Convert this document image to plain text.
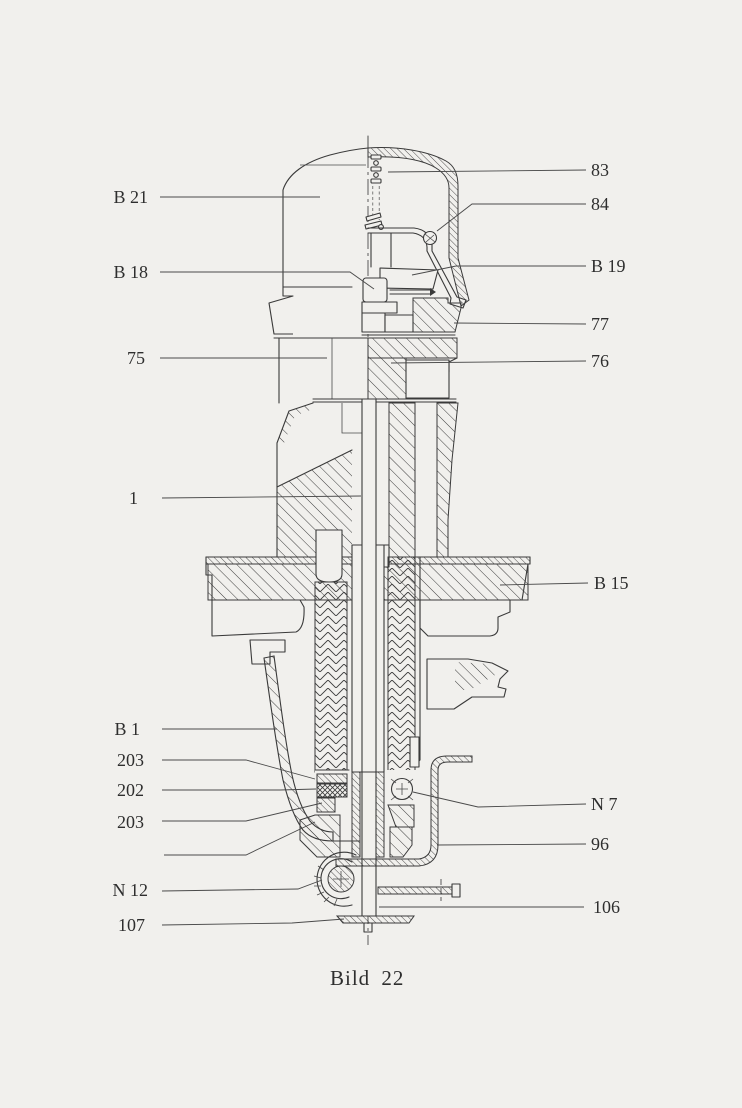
B 21
B 18
75
1
B 1
203
202
203
N 12
107
83
84
B 19
77
76
B 15
N 7
96
106
Bild 22
